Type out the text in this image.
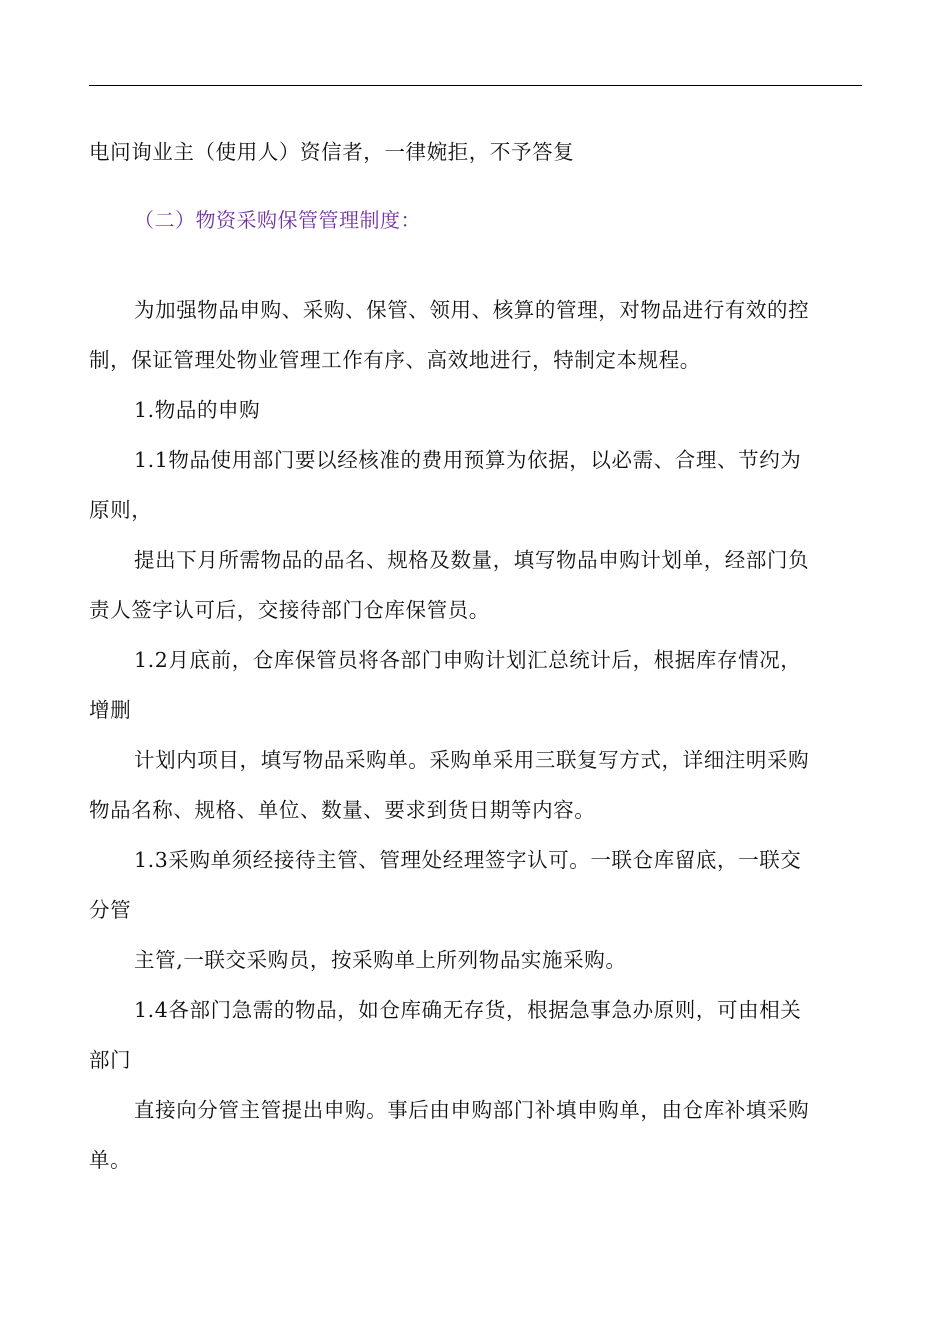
电问询业主（使用人）资信者，一律婉拒，不予答复
（二）物资采购保管管理制度：
为加强物品申购、采购、保管、领用、核算的管理，对物品进行有效的控
制，保证管理处物业管理工作有序、高效地进行，特制定本规程。
1.物品的申购
1.1物品使用部门要以经核准的费用预算为依据，以必需、合理、节约为
原则，
提出下月所需物品的品名、规格及数量，填写物品申购计划单，经部门负
责人签字认可后，交接待部门仓库保管员。
1.2月底前，仓库保管员将各部门申购计划汇总统计后，根据库存情况，
增删
计划内项目，填写物品采购单。采购单采用三联复写方式，详细注明采购
物品名称、规格、单位、数量、要求到货日期等内容。
1.3采购单须经接待主管、管理处经理签字认可。一联仓库留底，一联交
分管
主管,一联交采购员，按采购单上所列物品实施采购。
1.4各部门急需的物品，如仓库确无存货，根据急事急办原则，可由相关
部门
直接向分管主管提出申购。事后由申购部门补填申购单，由仓库补填采购
单。
